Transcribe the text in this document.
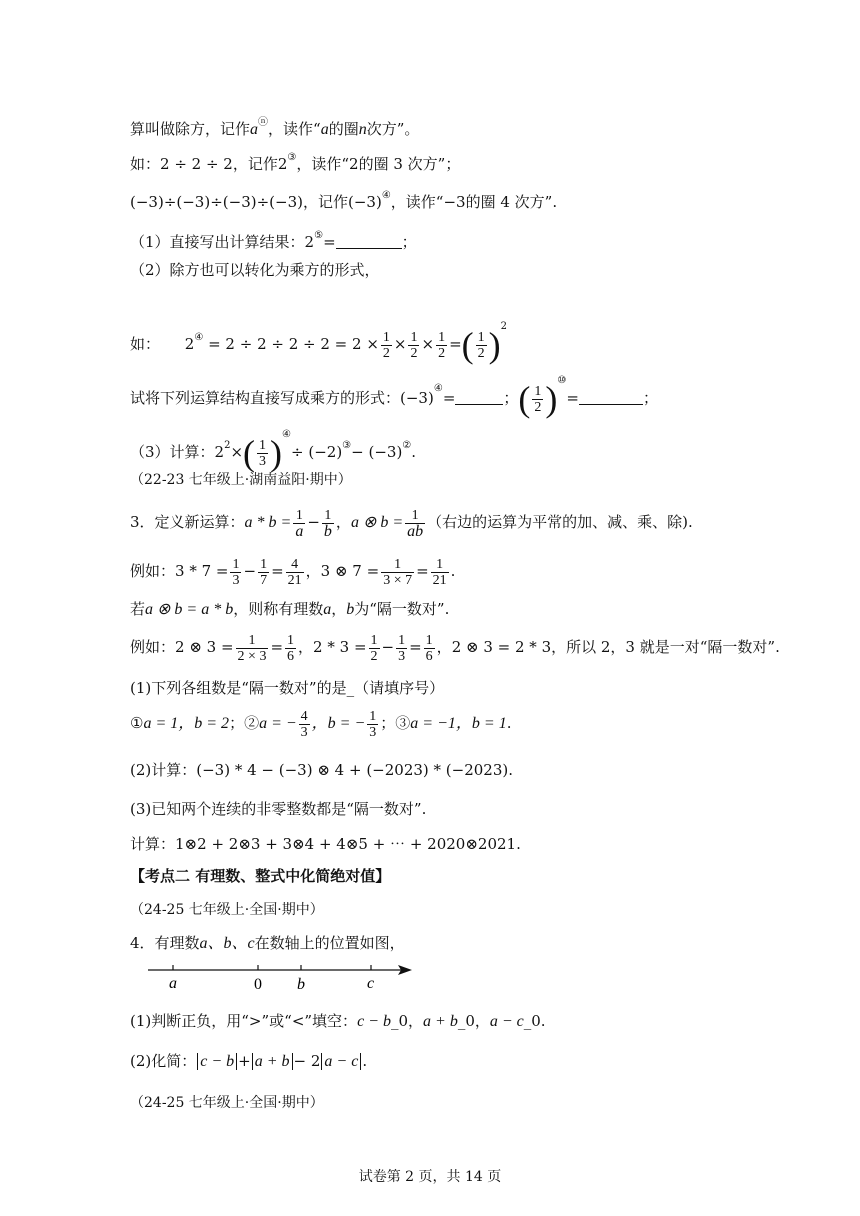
算叫做除方，记作aⓝ，读作“a的圈n次方”。
如：2 ÷ 2 ÷ 2，记作2③，读作“2的圈 3 次方”；
(−3)÷(−3)÷(−3)÷(−3)，记作(−3)④，读作“−3的圈 4 次方”.
（1）直接写出计算结果：2⑤=	；
（2）除方也可以转化为乘方的形式，
如： $2^④ = 2 \div 2 \div 2 \div 2 = 2 \times \frac{1}{2} \times \frac{1}{2} \times \frac{1}{2}$ =( $\frac{1}{2} )^2$
试将下列运算结构直接写成乘方的形式：(−3)④=	；( $\frac{1}{2} )^⑩=$	；
（3）计算：$2^2\times( \frac{1}{3} )^④\div (-2)^③- (-3)^②$.
（22-23 七年级上·湖南益阳·期中）
3．定义新运算：$a * b = \frac{1}{a} - \frac{1}{b}$ ，a ⊗ $b = \frac{1}{ab}$ （右边的运算为平常的加、减、乘、除).
例如：$3 * 7 = \frac{1}{3} - \frac{1}{7} = \frac{4}{21}$ ，3 ⊗ $7 = \frac{1}{3 \times 7} = \frac{1}{21}$ .
若a ⊗ b = a * b，则称有理数a，b为“隔一数对”.
例如：2 ⊗ $3 = \frac{1}{2 \times 3} = \frac{1}{6}$ ，$2 * 3 = \frac{1}{2} - \frac{1}{3} = \frac{1}{6}$ ，2 ⊗ 3 = 2 * 3，所以 2，3 就是一对“隔一数对”.
(1)下列各组数是“隔一数对”的是_（请填序号）
①a = 1，b = 2；②a = − $\frac{4}{3}$ ，b = − $\frac{1}{3}$ ；③a = −1，b = 1.
(2)计算：(−3) * 4 − (−3) ⊗ 4 + (−2023) * (−2023).
(3)已知两个连续的非零整数都是“隔一数对”.
计算：1⊗2 + 2⊗3 + 3⊗4 + 4⊗5 + ⋯ + 2020⊗2021.
【考点二 有理数、整式中化简绝对值】
（24-25 七年级上·全国·期中）
4．有理数a、b、c在数轴上的位置如图，
a	0 b	c
(1)判断正负，用“>”或“<”填空：c − b_0，a + b_0，a − c_0.
(2)化简： c − b + a + b − 2 a − c .
（24-25 七年级上·全国·期中）
试卷第 2 页，共 14 页
